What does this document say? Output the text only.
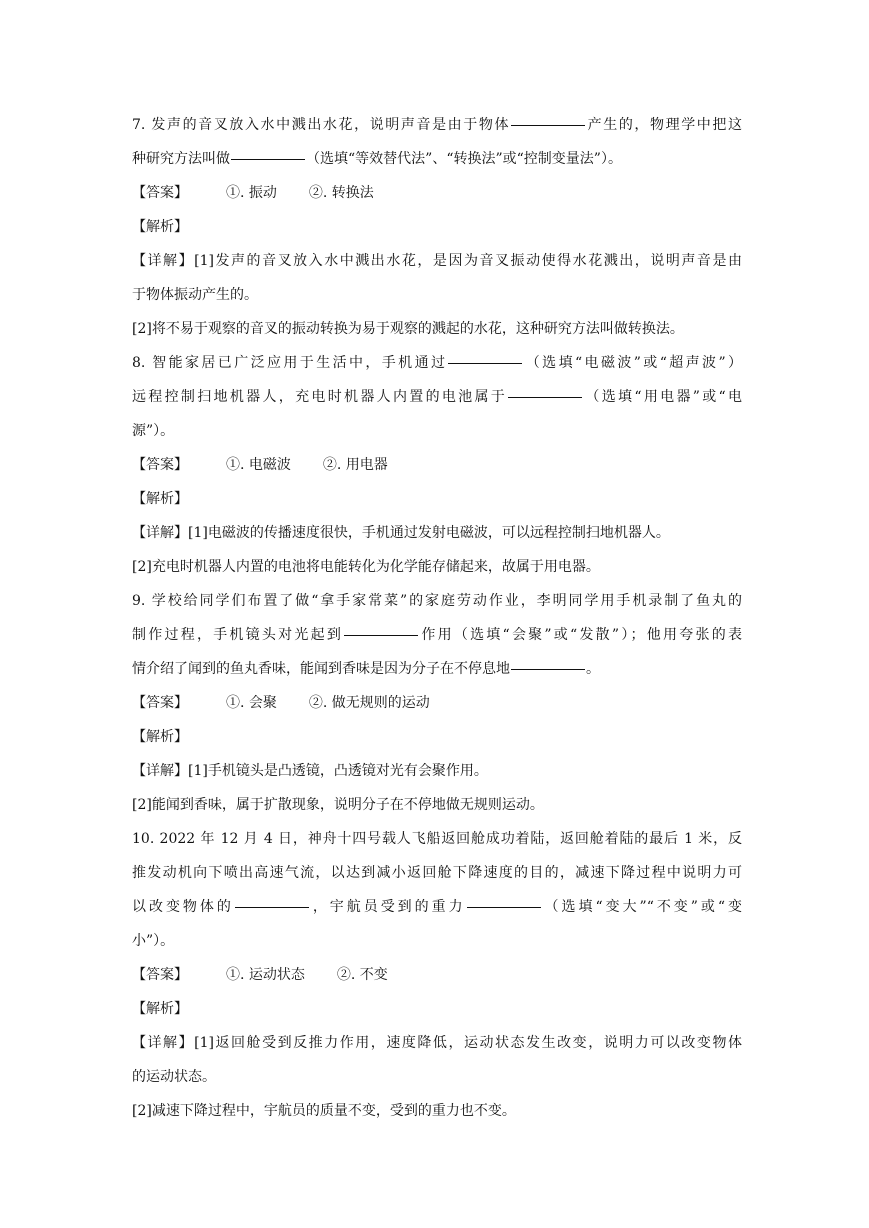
7. 发声的音叉放入水中溅出水花，说明声音是由于物体	产生的，物理学中把这
种研究方法叫做	（选填“等效替代法”、“转换法”或“控制变量法”）。
【答案】	①. 振动 ②. 转换法
【解析】
【详解】[1]发声的音叉放入水中溅出水花，是因为音叉振动使得水花溅出，说明声音是由
于物体振动产生的。
[2]将不易于观察的音叉的振动转换为易于观察的溅起的水花，这种研究方法叫做转换法。
8. 智能家居已广泛应用于生活中，手机通过	（选填“电磁波”或“超声波”）
远程控制扫地机器人，充电时机器人内置的电池属于	（选填“用电器”或“电
源”）。
【答案】	①. 电磁波 ②. 用电器
【解析】
【详解】[1]电磁波的传播速度很快，手机通过发射电磁波，可以远程控制扫地机器人。
[2]充电时机器人内置的电池将电能转化为化学能存储起来，故属于用电器。
9. 学校给同学们布置了做“拿手家常菜”的家庭劳动作业，李明同学用手机录制了鱼丸的
制作过程，手机镜头对光起到	作用（选填“会聚”或“发散”）；他用夸张的表
情介绍了闻到的鱼丸香味，能闻到香味是因为分子在不停息地	。
【答案】	①. 会聚 ②. 做无规则的运动
【解析】
【详解】[1]手机镜头是凸透镜，凸透镜对光有会聚作用。
[2]能闻到香味，属于扩散现象，说明分子在不停地做无规则运动。
10. 2022 年 12 月 4 日，神舟十四号载人飞船返回舱成功着陆，返回舱着陆的最后 1 米，反
推发动机向下喷出高速气流，以达到减小返回舱下降速度的目的，减速下降过程中说明力可
以改变物体的	，宇航员受到的重力	（选填“变大”“不变”或“变
小”）。
【答案】	①. 运动状态 ②. 不变
【解析】
【详解】[1]返回舱受到反推力作用，速度降低，运动状态发生改变，说明力可以改变物体
的运动状态。
[2]减速下降过程中，宇航员的质量不变，受到的重力也不变。
